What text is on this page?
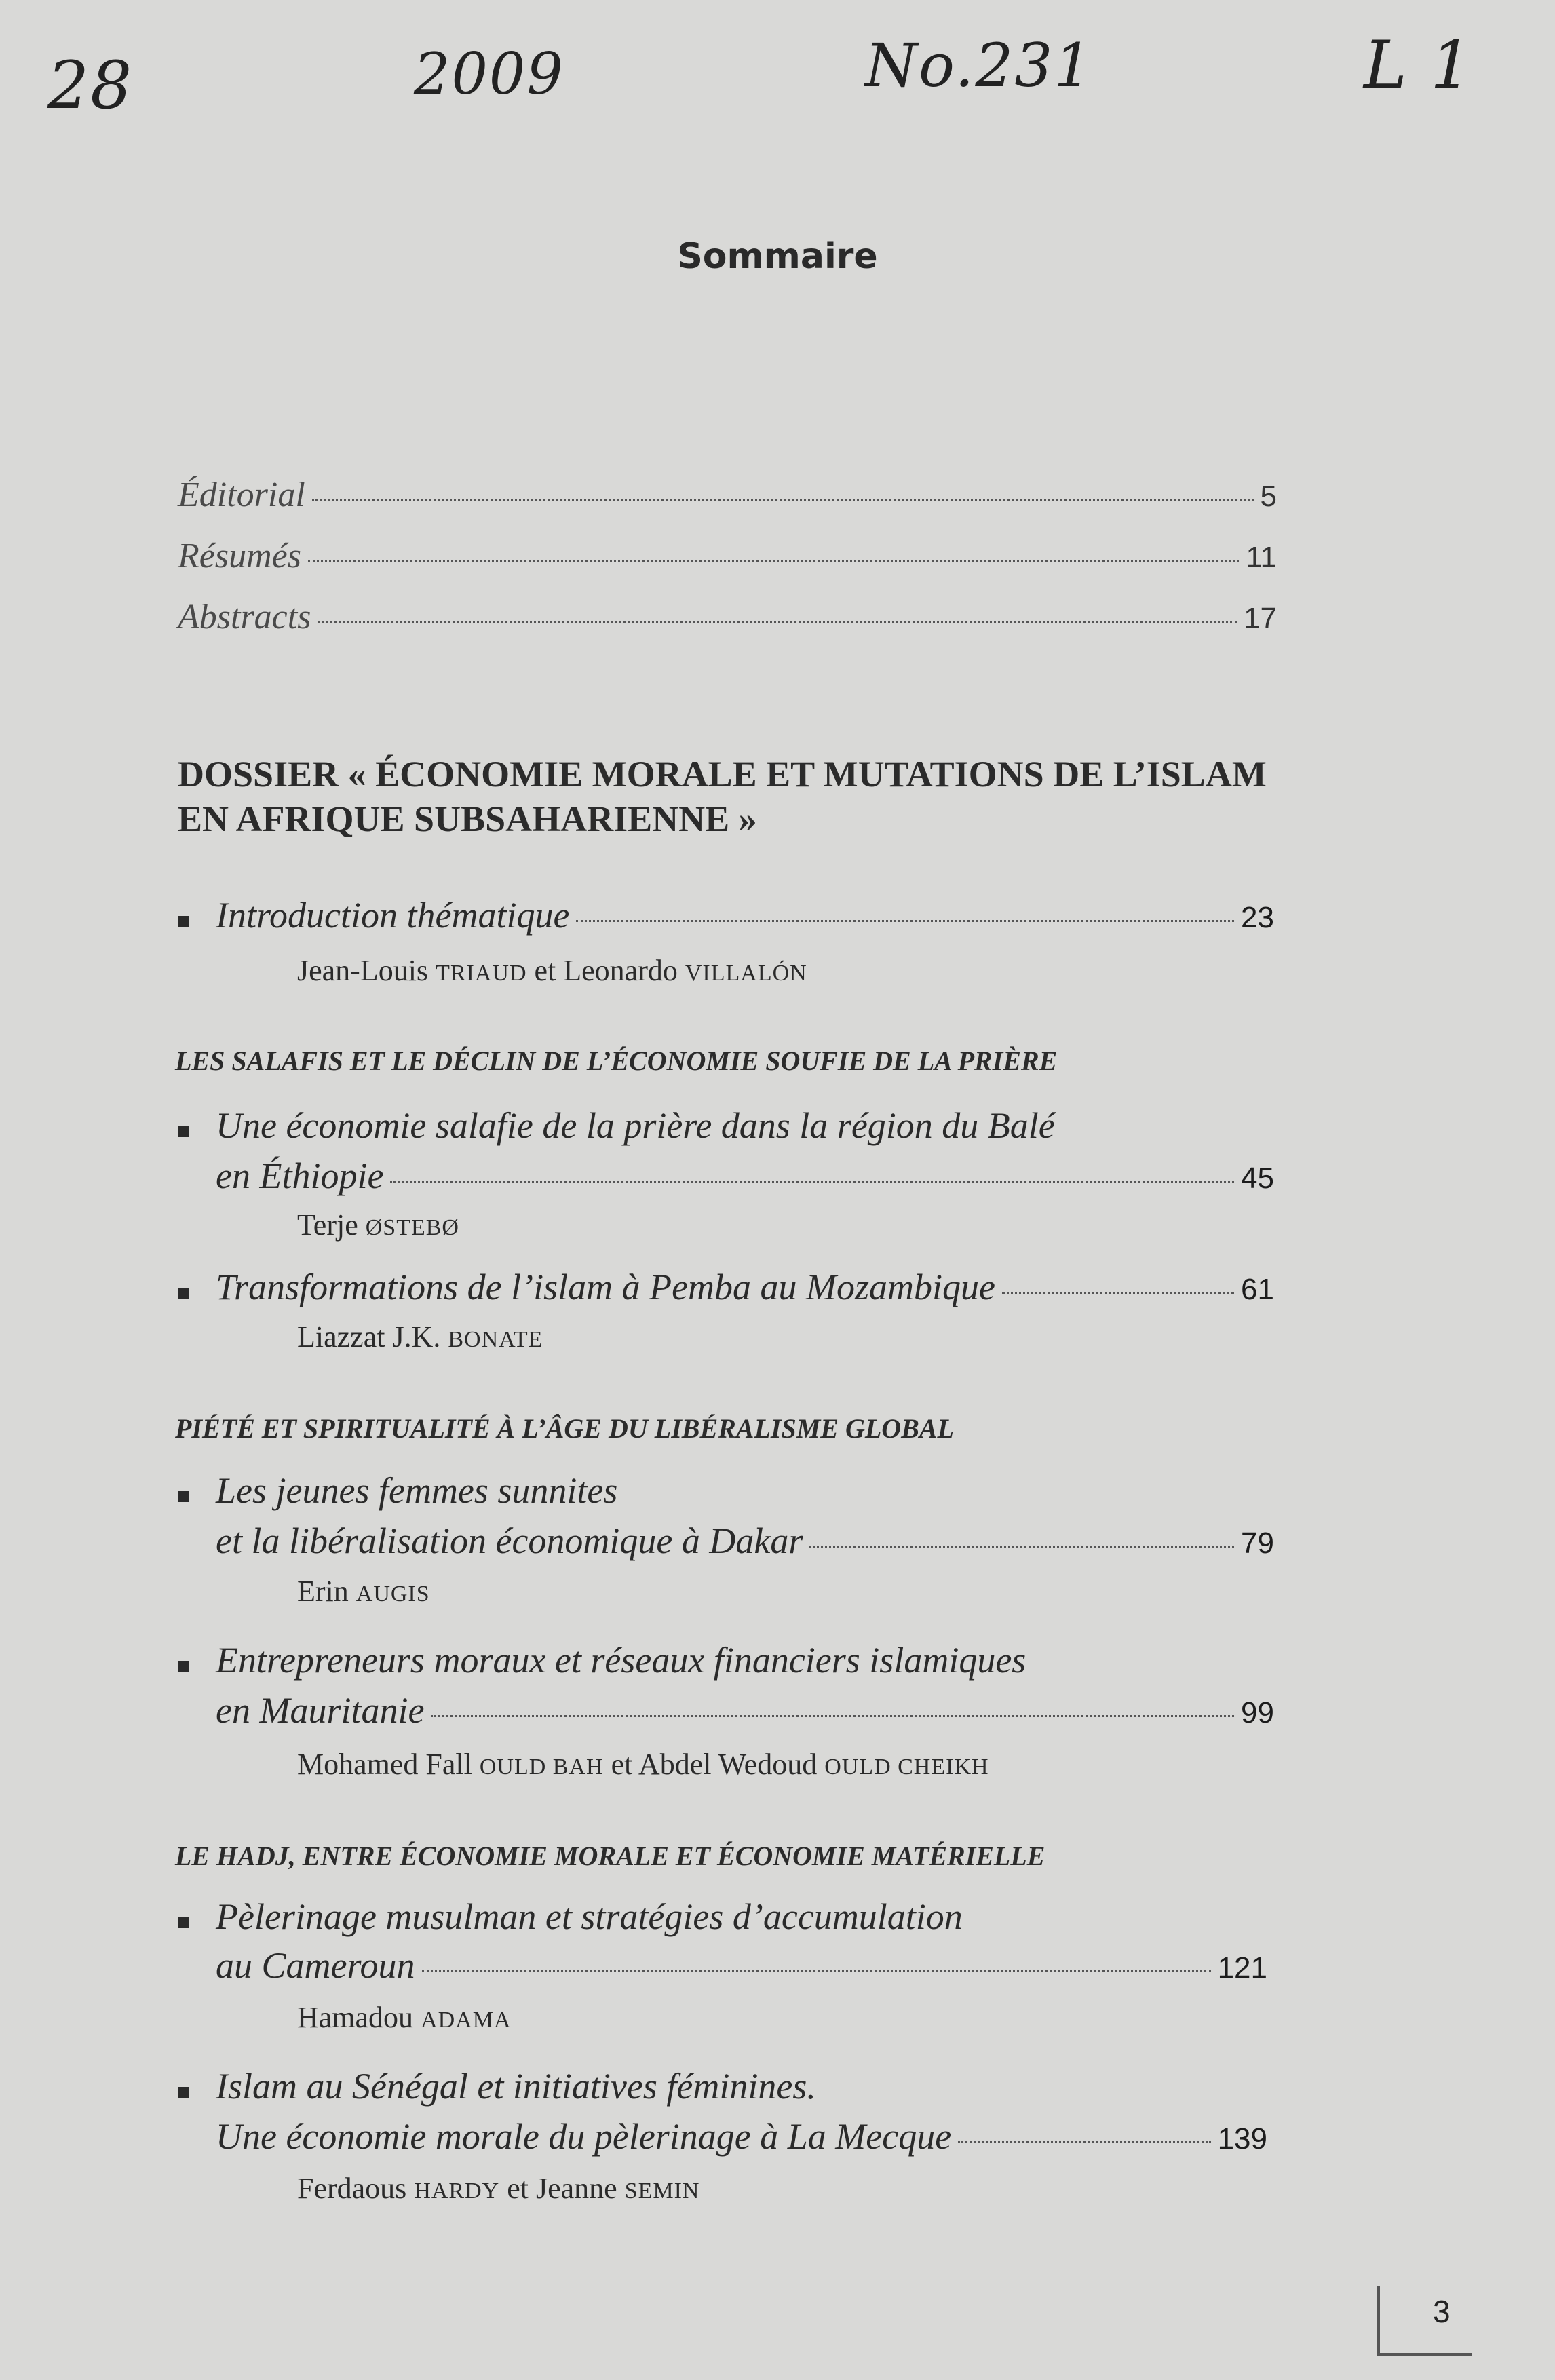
28	2009	No.231	L 1
Sommaire
Éditorial	5
Résumés	11
Abstracts	17
DOSSIER « ÉCONOMIE MORALE ET MUTATIONS DE L’ISLAM
EN AFRIQUE SUBSAHARIENNE »
Introduction thématique	23
Jean-Louis TRIAUD et Leonardo VILLALÓN
LES SALAFIS ET LE DÉCLIN DE L’ÉCONOMIE SOUFIE DE LA PRIÈRE
Une économie salafie de la prière dans la région du Balé
en Éthiopie	45
Terje ØSTEBØ
Transformations de l’islam à Pemba au Mozambique	61
Liazzat J.K. BONATE
PIÉTÉ ET SPIRITUALITÉ À L’ÂGE DU LIBÉRALISME GLOBAL
Les jeunes femmes sunnites
et la libéralisation économique à Dakar	79
Erin AUGIS
Entrepreneurs moraux et réseaux financiers islamiques
en Mauritanie	99
Mohamed Fall OULD BAH et Abdel Wedoud OULD CHEIKH
LE HADJ, ENTRE ÉCONOMIE MORALE ET ÉCONOMIE MATÉRIELLE
Pèlerinage musulman et stratégies d’accumulation
au Cameroun	121
Hamadou ADAMA
Islam au Sénégal et initiatives féminines.
Une économie morale du pèlerinage à La Mecque	139
Ferdaous HARDY et Jeanne SEMIN
3
